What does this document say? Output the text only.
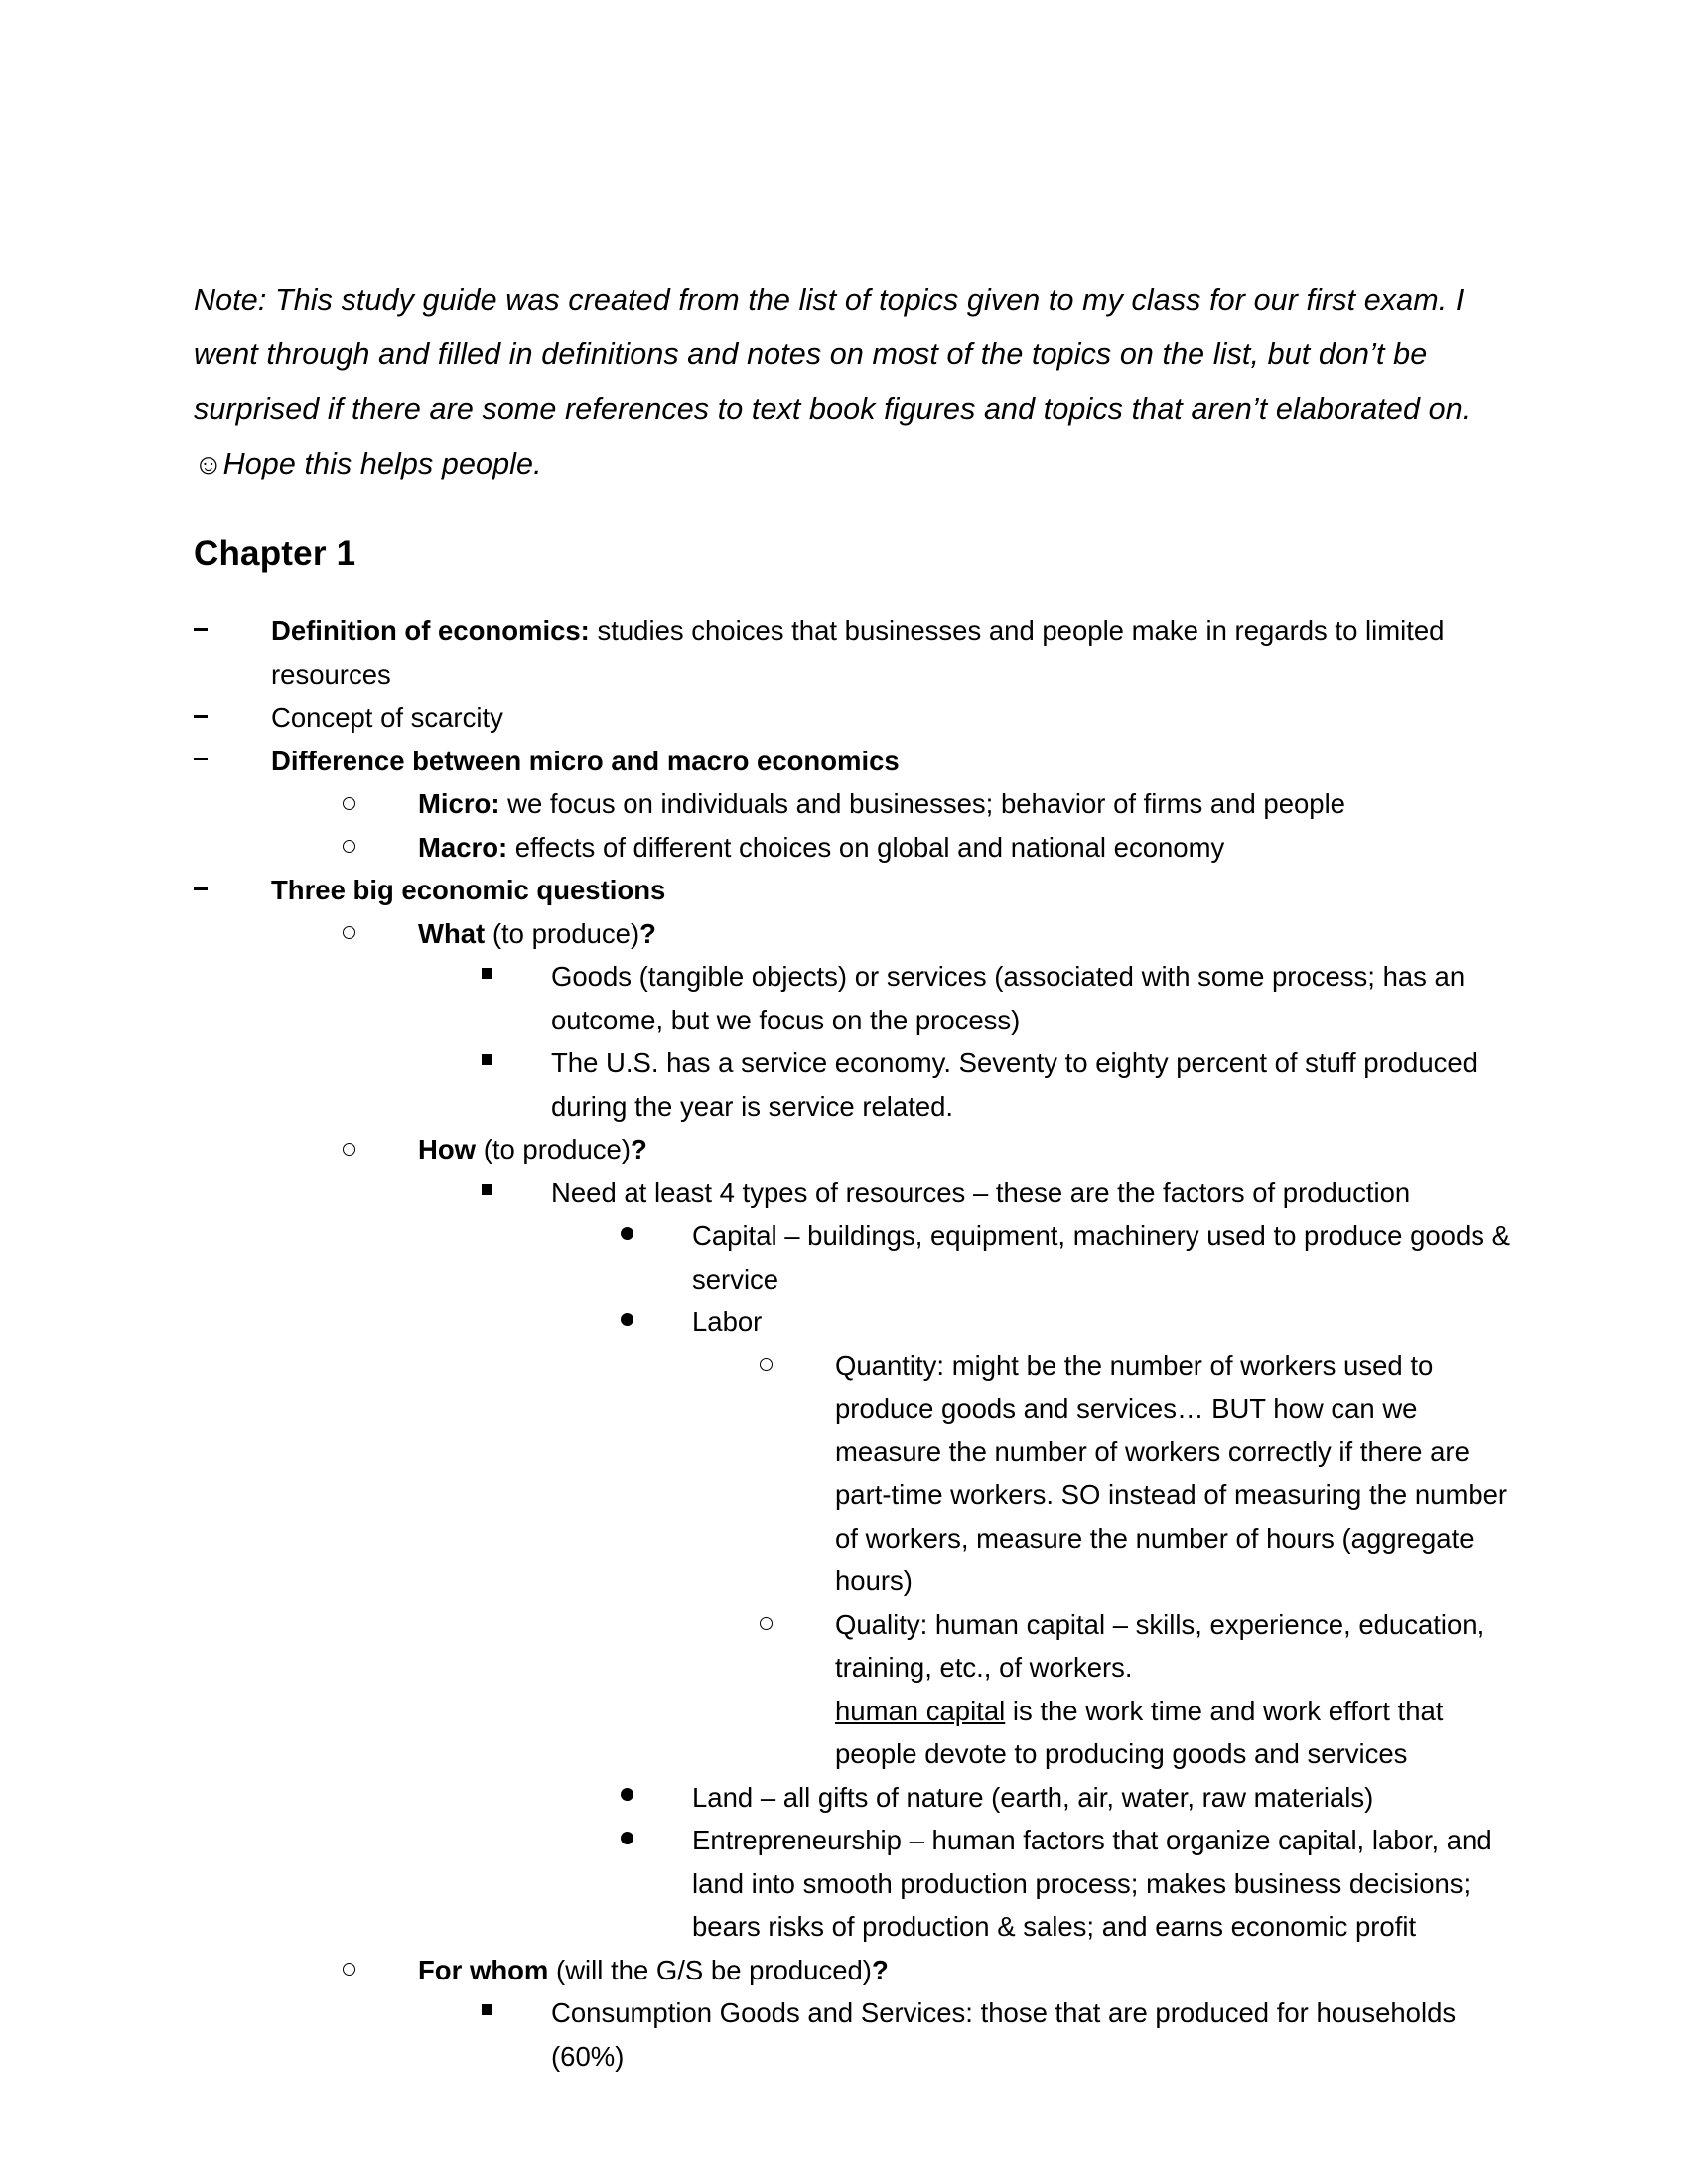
Note: This study guide was created from the list of topics given to my class for our first exam. I went through and filled in definitions and notes on most of the topics on the list, but don’t be surprised if there are some references to text book figures and topics that aren’t elaborated on. ☺Hope this helps people.

Chapter 1
Definition of economics: studies choices that businesses and people make in regards to limited resources
Concept of scarcity
Difference between micro and macro economics
Micro: we focus on individuals and businesses; behavior of firms and people
Macro: effects of different choices on global and national economy
Three big economic questions
What (to produce)?
Goods (tangible objects) or services (associated with some process; has an outcome, but we focus on the process)
The U.S. has a service economy. Seventy to eighty percent of stuff produced during the year is service related.
How (to produce)?
Need at least 4 types of resources – these are the factors of production
Capital – buildings, equipment, machinery used to produce goods & service
Labor
Quantity: might be the number of workers used to produce goods and services… BUT how can we measure the number of workers correctly if there are part-time workers. SO instead of measuring the number of workers, measure the number of hours (aggregate hours)
Quality: human capital – skills, experience, education, training, etc., of workers.
human capital is the work time and work effort that people devote to producing goods and services
Land – all gifts of nature (earth, air, water, raw materials)
Entrepreneurship – human factors that organize capital, labor, and land into smooth production process; makes business decisions; bears risks of production & sales; and earns economic profit
For whom (will the G/S be produced)?
Consumption Goods and Services: those that are produced for households (60%)
